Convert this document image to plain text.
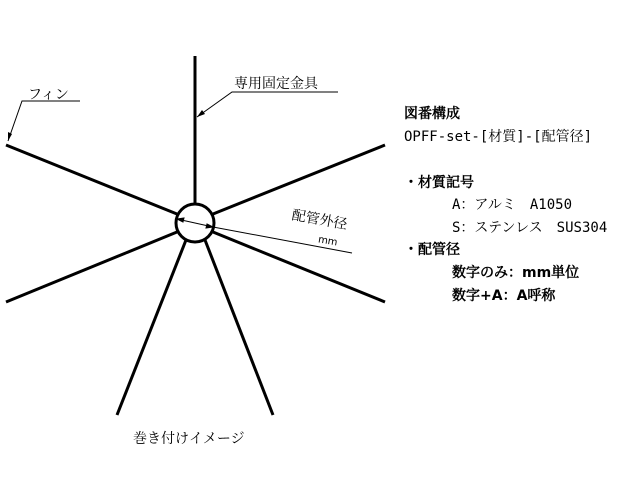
フィン
専用固定金具
配管外径
mm
巻き付けイメージ
図番構成
OPFF-set-[材質]-[配管径]
・材質記号
A：アルミ　A1050
S：ステンレス　SUS304
・配管径
数字のみ：mm単位
数字+A：A呼称
